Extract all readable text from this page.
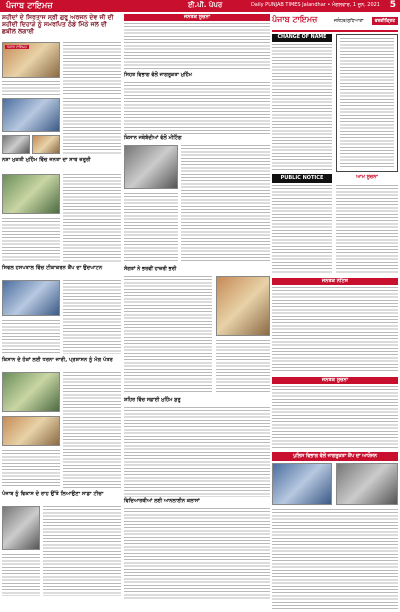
ਪੰਜਾਬ ਟਾਇਮਜ਼	ਈ.ਪੀ. ਪੇਪਰ	Daily PUNJAB TIMES Jalandhar • ਮੰਗਲਵਾਰ, 1 ਜੂਨ, 2021 5
ਸ਼ਹੀਦਾਂ ਦੇ ਸਿਰਤਾਜ ਸ੍ਰੀ ਗੁਰੂ ਅਰਜਨ ਦੇਵ ਜੀ ਦੀ ਸ਼ਹੀਦੀ ਦਿਹਾੜੇ ਨੂੰ ਸਮਰਪਿਤ ਠੰਡੇ ਮਿੱਠੇ ਜਲ ਦੀ ਛਬੀਲ ਲਗਾਈ
ਪੰਜਾਬ ਟਾਇਮਜ਼
ਨਸ਼ਾ ਮੁਕਤੀ ਮੁਹਿੰਮ ਵਿੱਚ ਜਨਤਾ ਦਾ ਸਾਥ ਜ਼ਰੂਰੀ
ਸਿਵਲ ਹਸਪਤਾਲ ਵਿੱਚ ਟੀਕਾਕਰਨ ਕੈਂਪ ਦਾ ਉਦਘਾਟਨ
ਕਿਸਾਨ ਦੇ ਹੱਕਾਂ ਲਈ ਧਰਨਾ ਜਾਰੀ, ਪ੍ਰਸ਼ਾਸਨ ਨੂੰ ਮੰਗ ਪੱਤਰ
ਪੰਜਾਬ ਨੂੰ ਵਿਕਾਸ ਦੇ ਰਾਹ ਉੱਤੇ ਲਿਆਉਣਾ ਸਾਡਾ ਟੀਚਾ
ਜਨਤਕ ਸੂਚਨਾ
ਸਿਹਤ ਵਿਭਾਗ ਵੱਲੋਂ ਜਾਗਰੂਕਤਾ ਮੁਹਿੰਮ
ਕਿਸਾਨ ਜਥੇਬੰਦੀਆਂ ਵੱਲੋਂ ਮੀਟਿੰਗ
ਸੰਗਤਾਂ ਨੇ ਭਰਵੀਂ ਹਾਜ਼ਰੀ ਭਰੀ
ਸ਼ਹਿਰ ਵਿੱਚ ਸਫ਼ਾਈ ਮੁਹਿੰਮ ਸ਼ੁਰੂ
ਵਿਦਿਆਰਥੀਆਂ ਲਈ ਆਨਲਾਈਨ ਕਲਾਸਾਂ
ਪੰਜਾਬ ਟਾਇਮਜ਼	ਜਲੰਧਰ/ਲੁਧਿਆਣਾ	ਵਰਗੀਕ੍ਰਿਤ
CHANGE OF NAME
PUBLIC NOTICE	ਆਮ ਸੂਚਨਾ
ਜਨਤਕ ਨੋਟਿਸ
ਜਨਤਕ ਸੂਚਨਾ
ਪੁਲਿਸ ਵਿਭਾਗ ਵੱਲੋਂ ਜਾਗਰੂਕਤਾ ਕੈਂਪ ਦਾ ਆਯੋਜਨ
